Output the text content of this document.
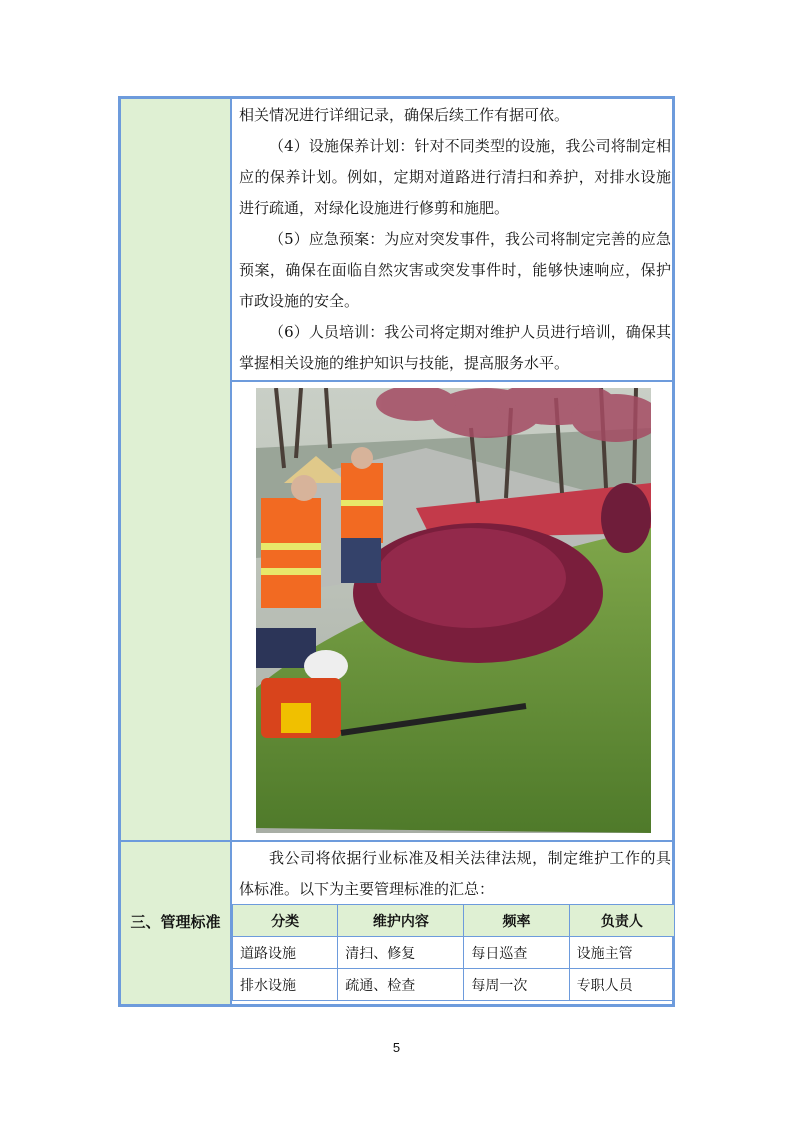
相关情况进行详细记录，确保后续工作有据可依。

（4）设施保养计划：针对不同类型的设施，我公司将制定相应的保养计划。例如，定期对道路进行清扫和养护，对排水设施进行疏通，对绿化设施进行修剪和施肥。

（5）应急预案：为应对突发事件，我公司将制定完善的应急预案，确保在面临自然灾害或突发事件时，能够快速响应，保护市政设施的安全。

（6）人员培训：我公司将定期对维护人员进行培训，确保其掌握相关设施的维护知识与技能，提高服务水平。

三、管理标准

我公司将依据行业标准及相关法律法规，制定维护工作的具体标准。以下为主要管理标准的汇总：

分类	维护内容	频率	负责人
道路设施	清扫、修复	每日巡查	设施主管
排水设施	疏通、检查	每周一次	专职人员
5
